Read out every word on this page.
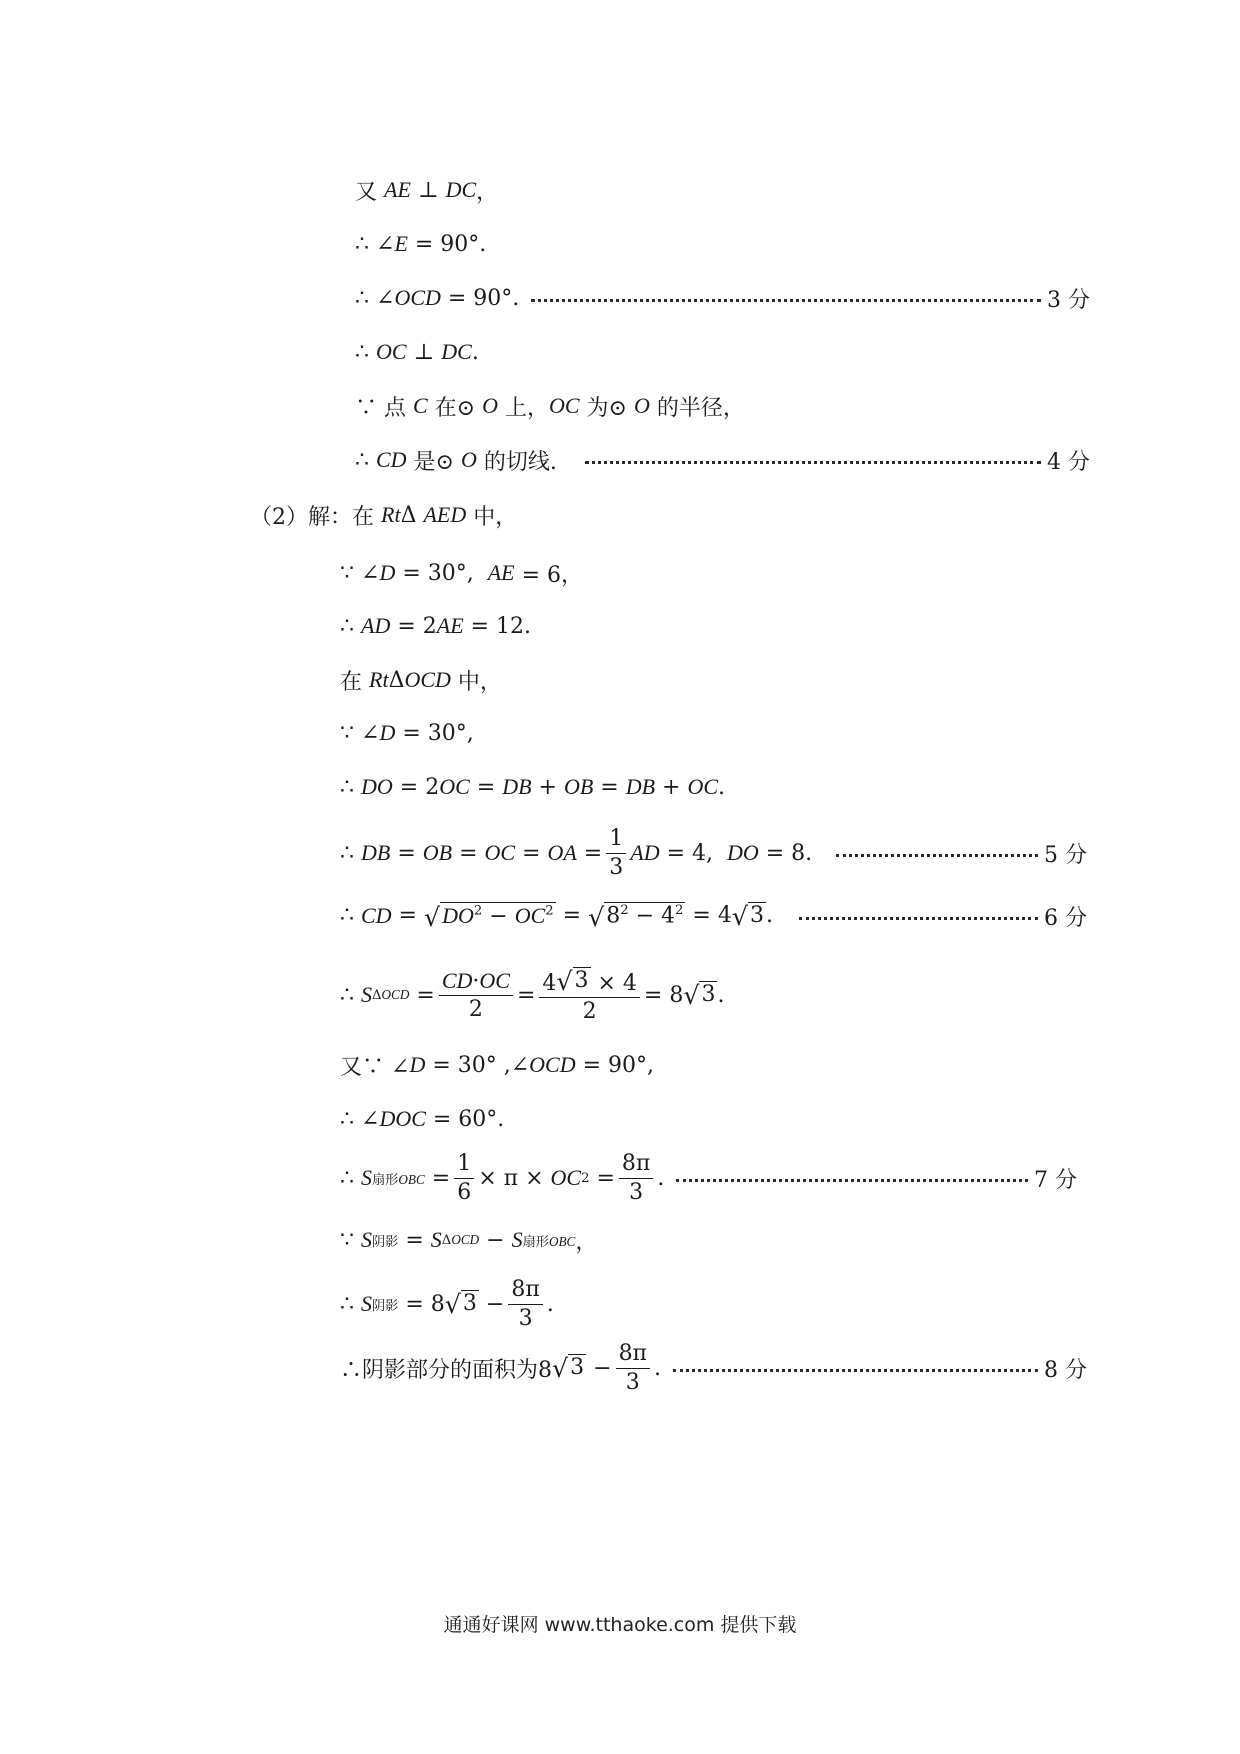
又 AE ⊥ DC ，
∴ ∠ E = 90°.
∴ ∠ OCD = 90°.	3 分
∴ OC ⊥ DC .
∵ 点 C 在⊙ O 上， OC 为⊙ O 的半径，
∴ CD 是⊙ O 的切线.	4 分
（2）解：在 Rt Δ AED 中，
∵ ∠ D = 30°, AE = 6，
∴ AD = 2 AE = 12.
在 Rt Δ OCD 中，
∵ ∠ D = 30°,
∴ DO = 2 OC = DB + OB = DB + OC .
∴ DB = OB = OC = OA = $\frac{1}{3}$ AD = 4, DO = 8.	5 分
∴ CD = √ $DO^2 - OC^2$ = √ $8^2 - 4^2 = 4$ √ 3 .	6 分
∴ S $\Delta OCD = \frac{CD\cdot OC}{2} = \frac{4 √ 3 \times 4}{2} = 8$ √ 3 .
又∵ ∠ D = 30° ,∠ OCD = 90°,
∴ ∠ DOC = 60°.
∴ S 扇形OBC = $\frac{1}{6} \times \pi$ × OC $2 = \frac{8\pi}{3}$ .	7 分
∵ S 阴影 = S ΔOCD − S 扇形OBC ，
∴ S 阴影 = 8 √ $3 - \frac{8\pi}{3}$ .
∴阴影部分的面积为8 √ $3 - \frac{8\pi}{3}$ .	8 分
通通好课网 www.tthaoke.com 提供下载
